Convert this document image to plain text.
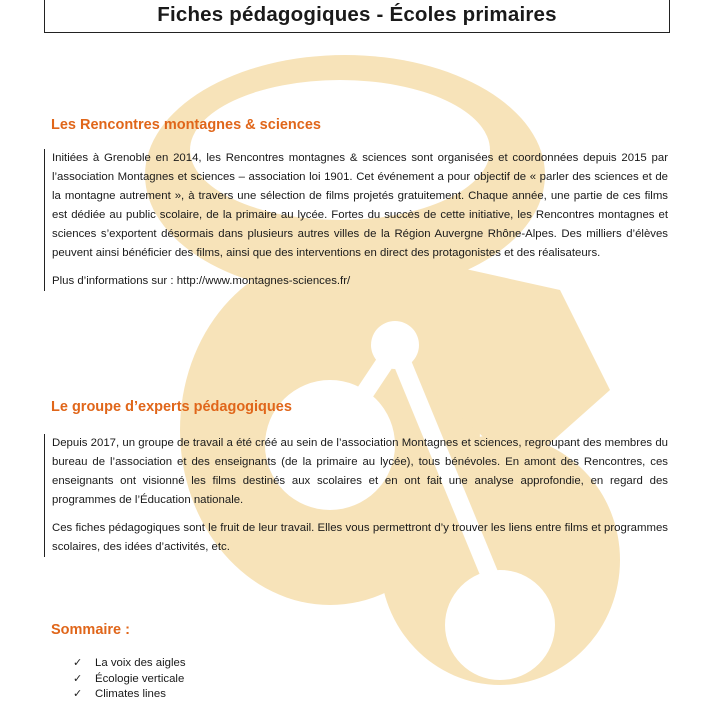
Fiches pédagogiques - Écoles primaires
Les Rencontres montagnes & sciences

Initiées à Grenoble en 2014, les Rencontres montagnes & sciences sont organisées et coordonnées depuis 2015 par l’association Montagnes et sciences – association loi 1901. Cet événement a pour objectif de « parler des sciences et de la montagne autrement », à travers une sélection de films projetés gratuitement. Chaque année, une partie de ces films est dédiée au public scolaire, de la primaire au lycée. Fortes du succès de cette initiative, les Rencontres montagnes et sciences s’exportent désormais dans plusieurs autres villes de la Région Auvergne Rhône-Alpes. Des milliers d’élèves peuvent ainsi bénéficier des films, ainsi que des interventions en direct des protagonistes et des réalisateurs.

Plus d’informations sur : http://www.montagnes-sciences.fr/

Le groupe d’experts pédagogiques

Depuis 2017, un groupe de travail a été créé au sein de l’association Montagnes et sciences, regroupant des membres du bureau de l’association et des enseignants (de la primaire au lycée), tous bénévoles. En amont des Rencontres, ces enseignants ont visionné les films destinés aux scolaires et en ont fait une analyse approfondie, en regard des programmes de l’Éducation nationale.

Ces fiches pédagogiques sont le fruit de leur travail. Elles vous permettront d’y trouver les liens entre films et programmes scolaires, des idées d’activités, etc.

Sommaire :
✓	La voix des aigles
✓	Écologie verticale
✓	Climates lines
